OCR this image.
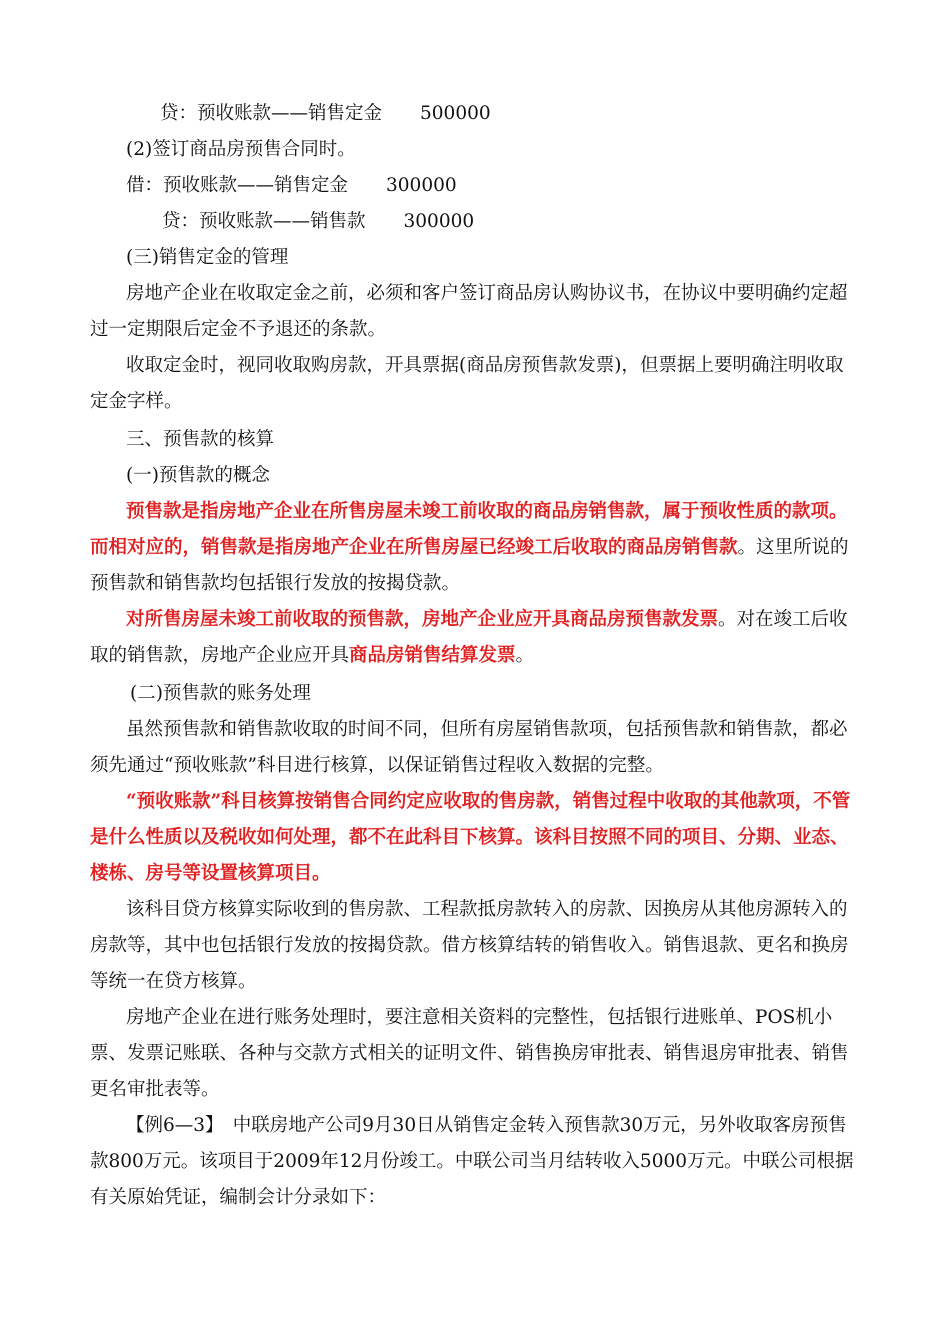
贷：预收账款——销售定金 500000
(2)签订商品房预售合同时。
借：预收账款——销售定金 300000
贷：预收账款——销售款 300000
(三)销售定金的管理
房地产企业在收取定金之前，必须和客户签订商品房认购协议书，在协议中要明确约定超过一定期限后定金不予退还的条款。
收取定金时，视同收取购房款，开具票据(商品房预售款发票)，但票据上要明确注明收取定金字样。
三、预售款的核算
(一)预售款的概念
预售款是指房地产企业在所售房屋未竣工前收取的商品房销售款，属于预收性质的款项。而相对应的，销售款是指房地产企业在所售房屋已经竣工后收取的商品房销售款。这里所说的预售款和销售款均包括银行发放的按揭贷款。
对所售房屋未竣工前收取的预售款，房地产企业应开具商品房预售款发票。对在竣工后收取的销售款，房地产企业应开具商品房销售结算发票。
(二)预售款的账务处理
虽然预售款和销售款收取的时间不同，但所有房屋销售款项，包括预售款和销售款，都必须先通过“预收账款”科目进行核算，以保证销售过程收入数据的完整。
“预收账款”科目核算按销售合同约定应收取的售房款，销售过程中收取的其他款项，不管是什么性质以及税收如何处理，都不在此科目下核算。该科目按照不同的项目、分期、业态、楼栋、房号等设置核算项目。
该科目贷方核算实际收到的售房款、工程款抵房款转入的房款、因换房从其他房源转入的房款等，其中也包括银行发放的按揭贷款。借方核算结转的销售收入。销售退款、更名和换房等统一在贷方核算。
房地产企业在进行账务处理时，要注意相关资料的完整性，包括银行进账单、POS机小票、发票记账联、各种与交款方式相关的证明文件、销售换房审批表、销售退房审批表、销售更名审批表等。
【例6—3】　中联房地产公司9月30日从销售定金转入预售款30万元，另外收取客房预售款800万元。该项目于2009年12月份竣工。中联公司当月结转收入5000万元。中联公司根据有关原始凭证，编制会计分录如下：
